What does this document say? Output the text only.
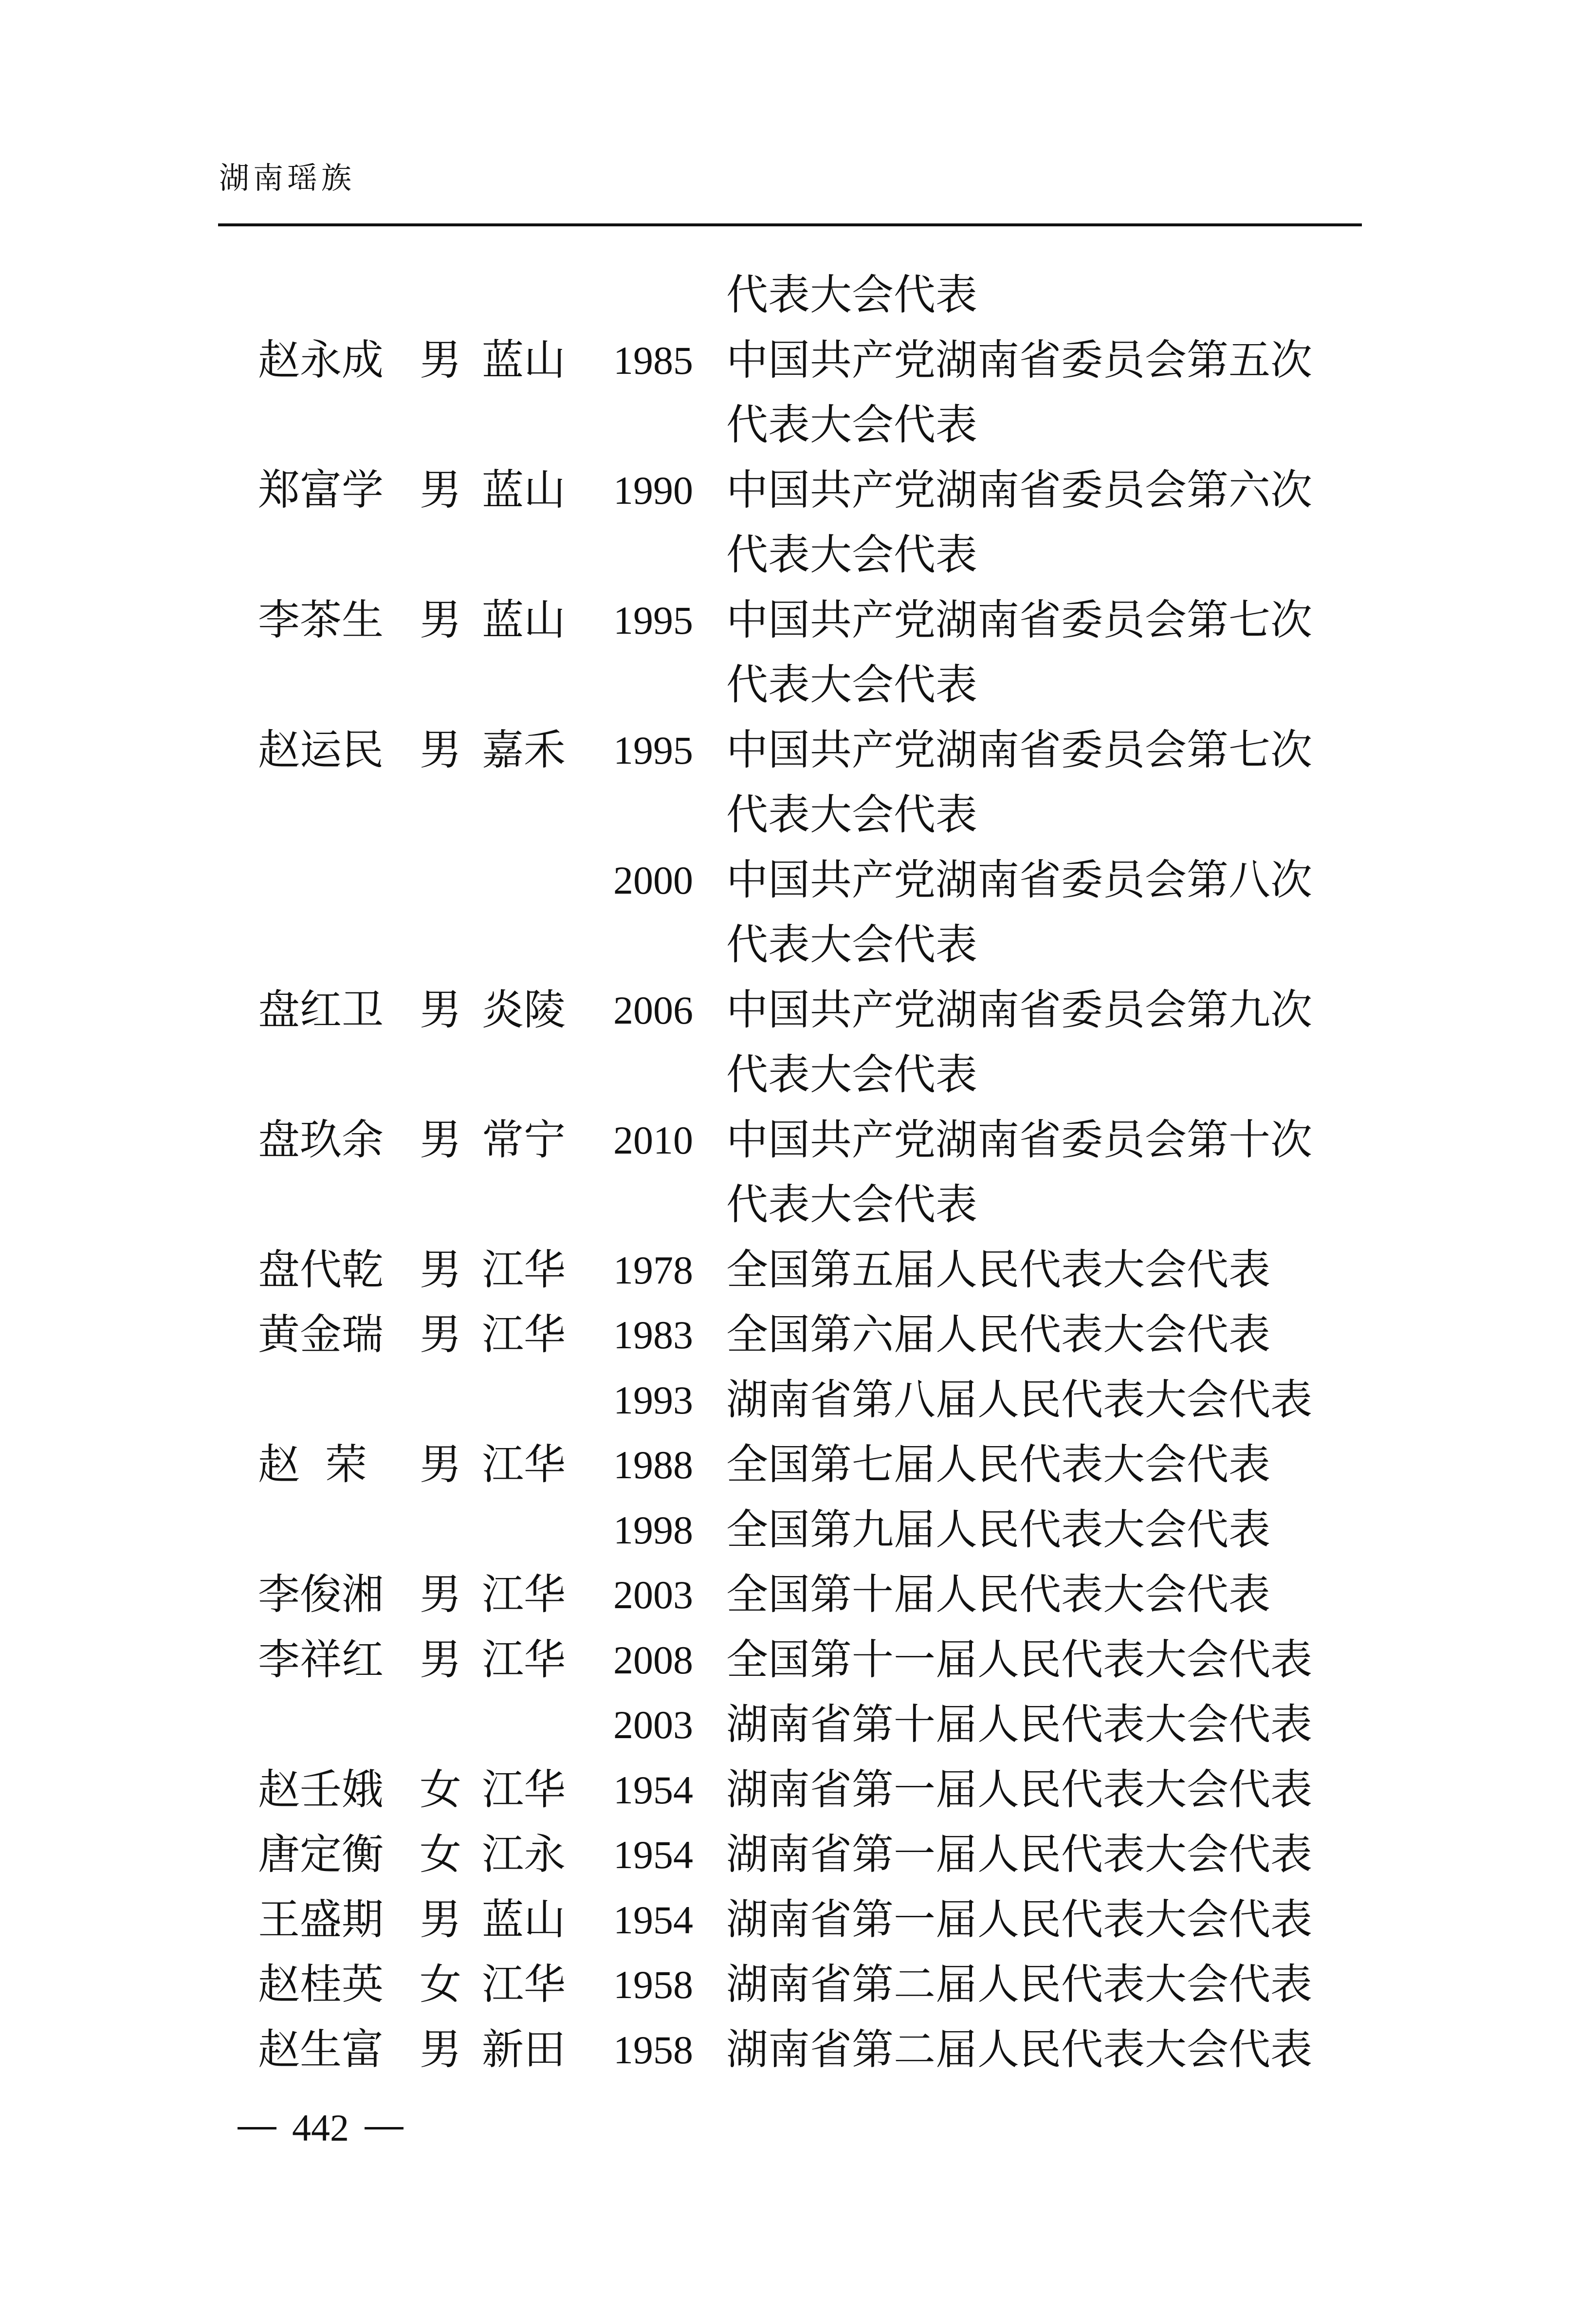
湖南瑶族
代表大会代表
赵永成 男 蓝山	1985 中国共产党湖南省委员会第五次
代表大会代表
郑富学 男 蓝山	1990 中国共产党湖南省委员会第六次
代表大会代表
李茶生 男 蓝山	1995 中国共产党湖南省委员会第七次
代表大会代表
赵运民 男 嘉禾	1995 中国共产党湖南省委员会第七次
代表大会代表
2000 中国共产党湖南省委员会第八次
代表大会代表
盘红卫 男 炎陵	2006 中国共产党湖南省委员会第九次
代表大会代表
盘玖余 男 常宁	2010 中国共产党湖南省委员会第十次
代表大会代表
盘代乾 男 江华	1978 全国第五届人民代表大会代表
黄金瑞 男 江华	1983 全国第六届人民代表大会代表
1993 湖南省第八届人民代表大会代表
赵荣 男 江华	1988 全国第七届人民代表大会代表
1998 全国第九届人民代表大会代表
李俊湘 男 江华	2003 全国第十届人民代表大会代表
李祥红 男 江华	2008 全国第十一届人民代表大会代表
2003 湖南省第十届人民代表大会代表
赵壬娥 女 江华	1954 湖南省第一届人民代表大会代表
唐定衡 女 江永	1954 湖南省第一届人民代表大会代表
王盛期 男 蓝山	1954 湖南省第一届人民代表大会代表
赵桂英 女 江华	1958 湖南省第二届人民代表大会代表
赵生富 男 新田	1958 湖南省第二届人民代表大会代表
442
